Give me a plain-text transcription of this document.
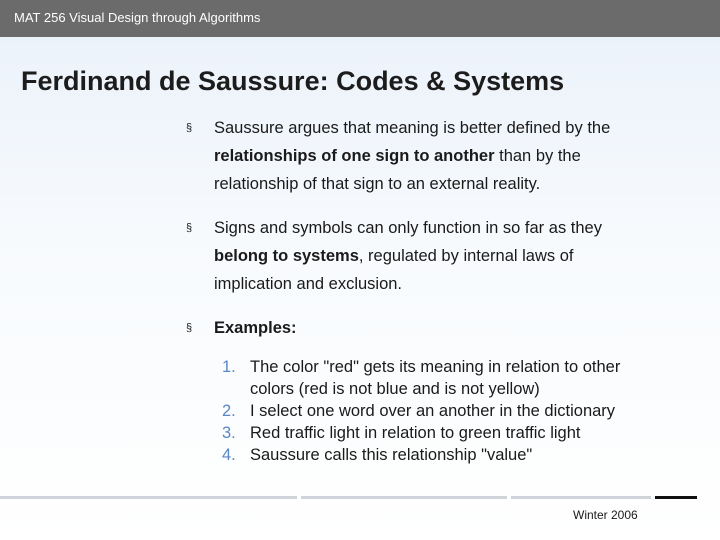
MAT 256 Visual Design through Algorithms
Ferdinand de Saussure: Codes & Systems
§ Saussure argues that meaning is better defined by the relationships of one sign to another than by the relationship of that sign to an external reality.
§ Signs and symbols can only function in so far as they belong to systems, regulated by internal laws of implication and exclusion.
§ Examples:
1. The color "red" gets its meaning in relation to other colors (red is not blue and is not yellow)
2. I select one word over an another in the dictionary
3. Red traffic light in relation to green traffic light
4. Saussure calls this relationship "value"
Winter 2006
